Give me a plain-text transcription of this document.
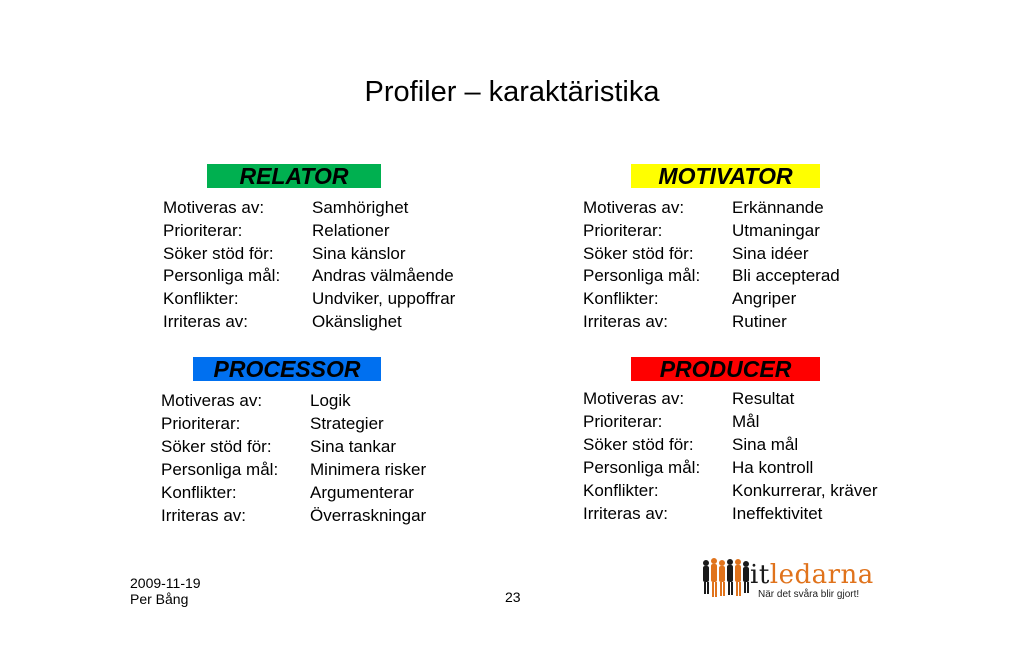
Profiler – karaktäristika
RELATOR
Motiveras av:	Samhörighet
Prioriterar:	Relationer
Söker stöd för: Sina känslor
Personliga mål: Andras välmående
Konflikter:	Undviker, uppoffrar
Irriteras av:	Okänslighet
MOTIVATOR
Motiveras av:	Erkännande
Prioriterar:	Utmaningar
Söker stöd för: Sina idéer
Personliga mål: Bli accepterad
Konflikter:	Angriper
Irriteras av:	Rutiner
PROCESSOR
Motiveras av:	Logik
Prioriterar:	Strategier
Söker stöd för: Sina tankar
Personliga mål: Minimera risker
Konflikter:	Argumenterar
Irriteras av:	Överraskningar
PRODUCER
Motiveras av:	Resultat
Prioriterar:	Mål
Söker stöd för: Sina mål
Personliga mål: Ha kontroll
Konflikter:	Konkurrerar, kräver
Irriteras av:	Ineffektivitet
2009-11-19
Per Bång	23
itledarna
När det svåra blir gjort!
